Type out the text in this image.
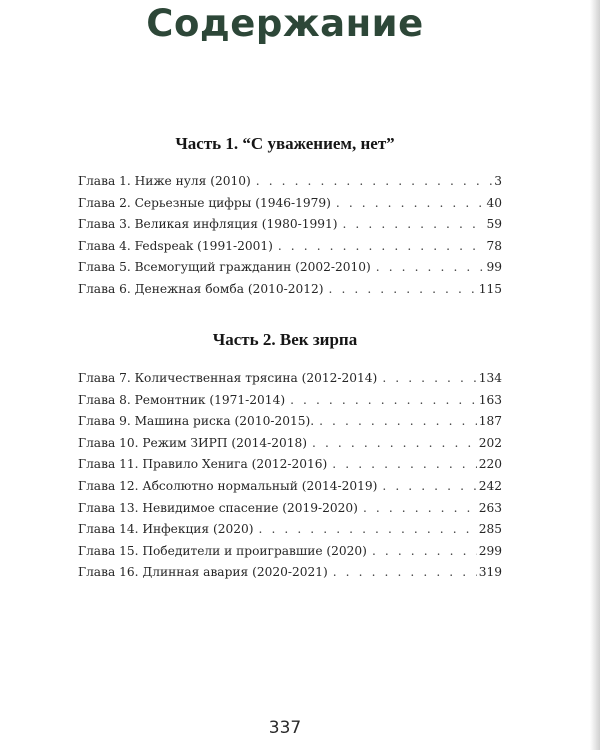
Содержание
Часть 1. “С уважением, нет”
Глава 1. Ниже нуля (2010) . . .	3
Глава 2. Серьезные цифры (1946-1979) . . .	40
Глава 3. Великая инфляция (1980-1991) . . .	59
Глава 4. Fedspeak (1991-2001) . . .	78
Глава 5. Всемогущий гражданин (2002-2010) . . .	99
Глава 6. Денежная бомба (2010-2012) . . .	115
Часть 2. Век зирпа
Глава 7. Количественная трясина (2012-2014) . . .	134
Глава 8. Ремонтник (1971-2014) . . .	163
Глава 9. Машина риска (2010-2015). . . .	187
Глава 10. Режим ЗИРП (2014-2018) . . .	202
Глава 11. Правило Хенига (2012-2016) . . .	220
Глава 12. Абсолютно нормальный (2014-2019) . . .	242
Глава 13. Невидимое спасение (2019-2020) . . .	263
Глава 14. Инфекция (2020) . . .	285
Глава 15. Победители и проигравшие (2020) . . .	299
Глава 16. Длинная авария (2020-2021) . . .	319
337
